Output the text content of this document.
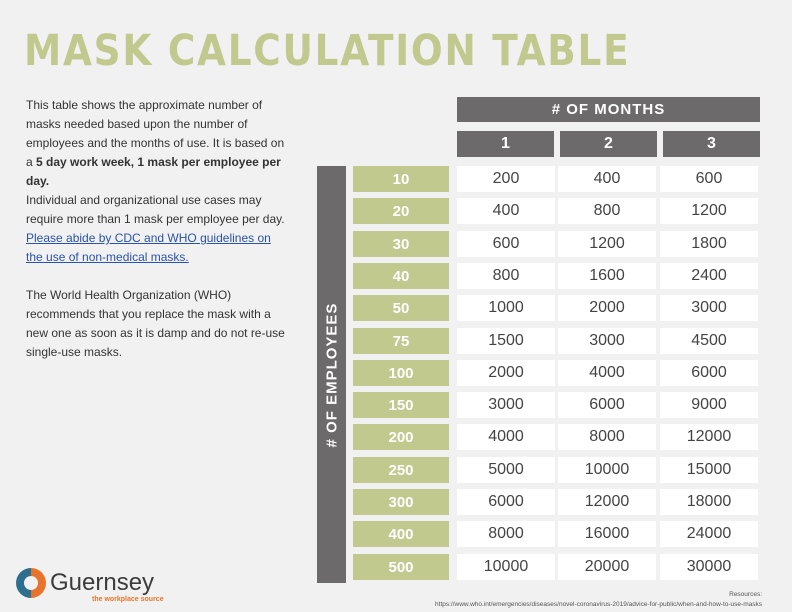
MASK CALCULATION TABLE

This table shows the approximate number of masks needed based upon the number of employees and the months of use. It is based on a 5 day work week, 1 mask per employee per day.

Individual and organizational use cases may require more than 1 mask per employee per day.

Please abide by CDC and WHO guidelines on the use of non-medical masks.

The World Health Organization (WHO) recommends that you replace the mask with a new one as soon as it is damp and do not re-use single-use masks.

# OF MONTHS
1	2	3
# OF EMPLOYEES
10	200	400	600
20	400	800	1200
30	600	1200	1800
40	800	1600	2400
50	1000	2000	3000
75	1500	3000	4500
100	2000	4000	6000
150	3000	6000	9000
200	4000	8000	12000
250	5000	10000	15000
300	6000	12000	18000
400	8000	16000	24000
500	10000	20000	30000
Guernsey
the workplace source
Resources:
https://www.who.int/emergencies/diseases/novel-coronavirus-2019/advice-for-public/when-and-how-to-use-masks
